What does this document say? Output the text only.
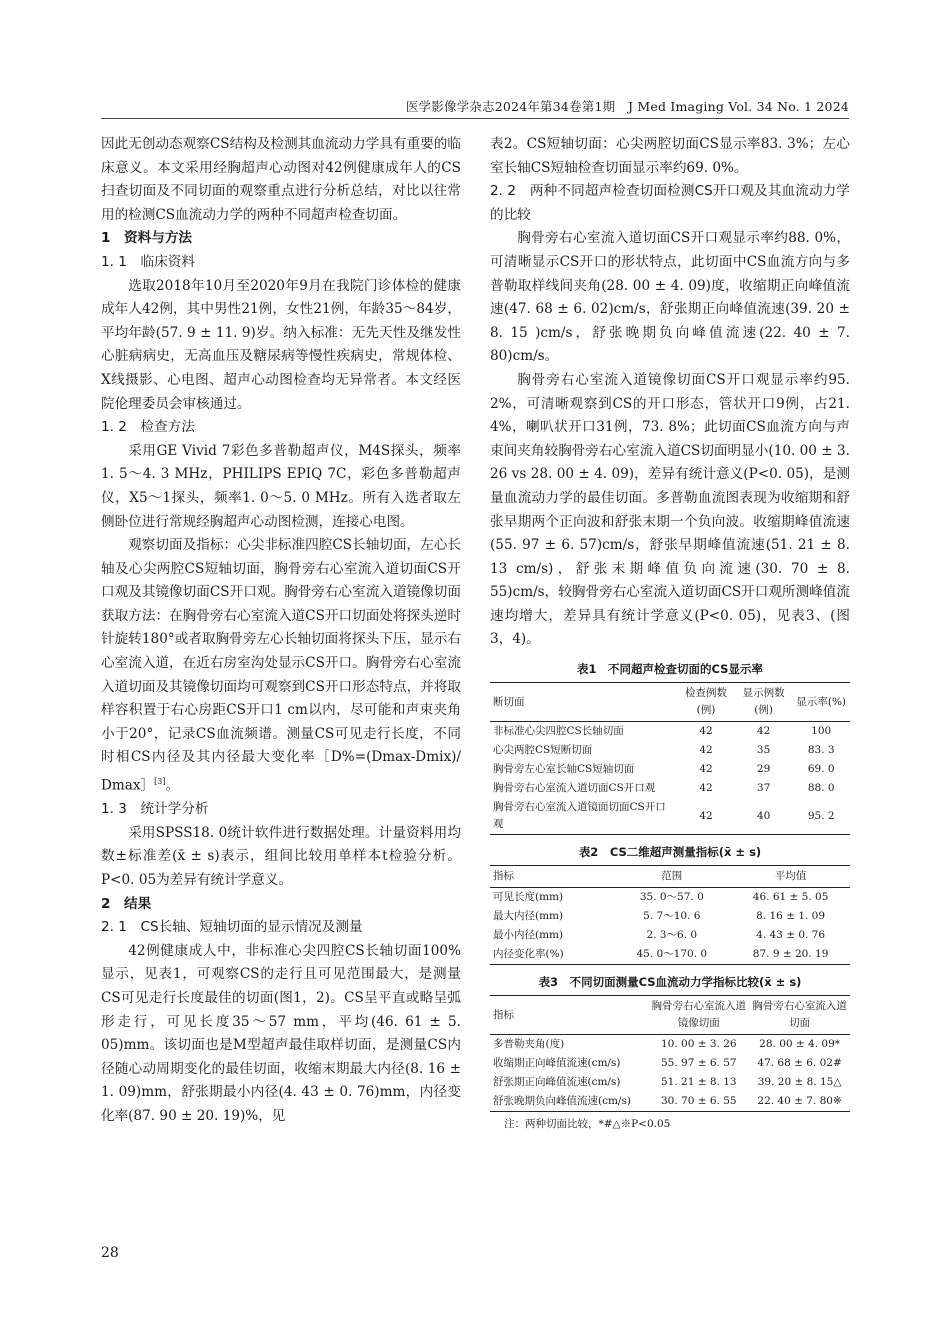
医学影像学杂志2024年第34卷第1期　J Med Imaging Vol. 34 No. 1 2024

因此无创动态观察CS结构及检测其血流动力学具有重要的临床意义。本文采用经胸超声心动图对42例健康成年人的CS扫查切面及不同切面的观察重点进行分析总结，对比以往常用的检测CS血流动力学的两种不同超声检查切面。

1　资料与方法
1. 1　临床资料

选取2018年10月至2020年9月在我院门诊体检的健康成年人42例，其中男性21例，女性21例，年龄35～84岁，平均年龄(57. 9 ± 11. 9)岁。纳入标准：无先天性及继发性心脏病病史，无高血压及糖尿病等慢性疾病史，常规体检、X线摄影、心电图、超声心动图检查均无异常者。本文经医院伦理委员会审核通过。

1. 2　检查方法

采用GE Vivid 7彩色多普勒超声仪，M4S探头，频率1. 5～4. 3 MHz，PHILIPS EPIQ 7C，彩色多普勒超声仪，X5～1探头，频率1. 0～5. 0 MHz。所有入选者取左侧卧位进行常规经胸超声心动图检测，连接心电图。

观察切面及指标：心尖非标准四腔CS长轴切面，左心长轴及心尖两腔CS短轴切面，胸骨旁右心室流入道切面CS开口观及其镜像切面CS开口观。胸骨旁右心室流入道镜像切面获取方法：在胸骨旁右心室流入道CS开口切面处将探头逆时针旋转180°或者取胸骨旁左心长轴切面将探头下压，显示右心室流入道，在近右房室沟处显示CS开口。胸骨旁右心室流入道切面及其镜像切面均可观察到CS开口形态特点，并将取样容积置于右心房距CS开口1 cm以内，尽可能和声束夹角小于20°，记录CS血流频谱。测量CS可见走行长度，不同时相CS内径及其内径最大变化率［D%=(Dmax-Dmix)/ Dmax］[3]。

1. 3　统计学分析

采用SPSS18. 0统计软件进行数据处理。计量资料用均数±标准差(x̄ ± s)表示，组间比较用单样本t检验分析。P<0. 05为差异有统计学意义。

2　结果
2. 1　CS长轴、短轴切面的显示情况及测量

42例健康成人中，非标准心尖四腔CS长轴切面100%显示，见表1，可观察CS的走行且可见范围最大，是测量CS可见走行长度最佳的切面(图1，2)。CS呈平直或略呈弧形走行，可见长度35～57 mm，平均(46. 61 ± 5. 05)mm。该切面也是M型超声最佳取样切面，是测量CS内径随心动周期变化的最佳切面，收缩末期最大内径(8. 16 ± 1. 09)mm，舒张期最小内径(4. 43 ± 0. 76)mm，内径变化率(87. 90 ± 20. 19)%，见

表2。CS短轴切面：心尖两腔切面CS显示率83. 3%；左心室长轴CS短轴检查切面显示率约69. 0%。

2. 2　两种不同超声检查切面检测CS开口观及其血流动力学的比较

胸骨旁右心室流入道切面CS开口观显示率约88. 0%，可清晰显示CS开口的形状特点，此切面中CS血流方向与多普勒取样线间夹角(28. 00 ± 4. 09)度，收缩期正向峰值流速(47. 68 ± 6. 02)cm/s，舒张期正向峰值流速(39. 20 ± 8. 15 )cm/s，舒张晚期负向峰值流速(22. 40 ± 7. 80)cm/s。

胸骨旁右心室流入道镜像切面CS开口观显示率约95. 2%，可清晰观察到CS的开口形态，管状开口9例，占21. 4%，喇叭状开口31例，73. 8%；此切面CS血流方向与声束间夹角较胸骨旁右心室流入道CS切面明显小(10. 00 ± 3. 26 vs 28. 00 ± 4. 09)，差异有统计意义(P<0. 05)，是测量血流动力学的最佳切面。多普勒血流图表现为收缩期和舒张早期两个正向波和舒张末期一个负向波。收缩期峰值流速(55. 97 ± 6. 57)cm/s，舒张早期峰值流速(51. 21 ± 8. 13 cm/s)，舒张末期峰值负向流速(30. 70 ± 8. 55)cm/s，较胸骨旁右心室流入道切面CS开口观所测峰值流速均增大，差异具有统计学意义(P<0. 05)，见表3、(图3，4)。

表1　不同超声检查切面的CS显示率
断切面	检查例数(例)	显示例数(例)	显示率(%)
非标准心尖四腔CS长轴切面	42	42	100
心尖两腔CS短断切面	42	35	83. 3
胸骨旁左心室长轴CS短轴切面	42	29	69. 0
胸骨旁右心室流入道切面CS开口观	42	37	88. 0
胸骨旁右心室流入道镜面切面CS开口观	42	40	95. 2
表2　CS二维超声测量指标(x̄ ± s)
指标	范围	平均值
可见长度(mm)	35. 0～57. 0	46. 61 ± 5. 05
最大内径(mm)	5. 7～10. 6	8. 16 ± 1. 09
最小内径(mm)	2. 3～6. 0	4. 43 ± 0. 76
内径变化率(%)	45. 0～170. 0	87. 9 ± 20. 19
表3　不同切面测量CS血流动力学指标比较(x̄ ± s)
指标	胸骨旁右心室流入道镜像切面	胸骨旁右心室流入道切面
多普勒夹角(度)	10. 00 ± 3. 26	28. 00 ± 4. 09*
收缩期正向峰值流速(cm/s)	55. 97 ± 6. 57	47. 68 ± 6. 02#
舒张期正向峰值流速(cm/s)	51. 21 ± 8. 13	39. 20 ± 8. 15△
舒张晚期负向峰值流速(cm/s)	30. 70 ± 6. 55	22. 40 ± 7. 80※
注：两种切面比较，*#△※P<0.05
28
